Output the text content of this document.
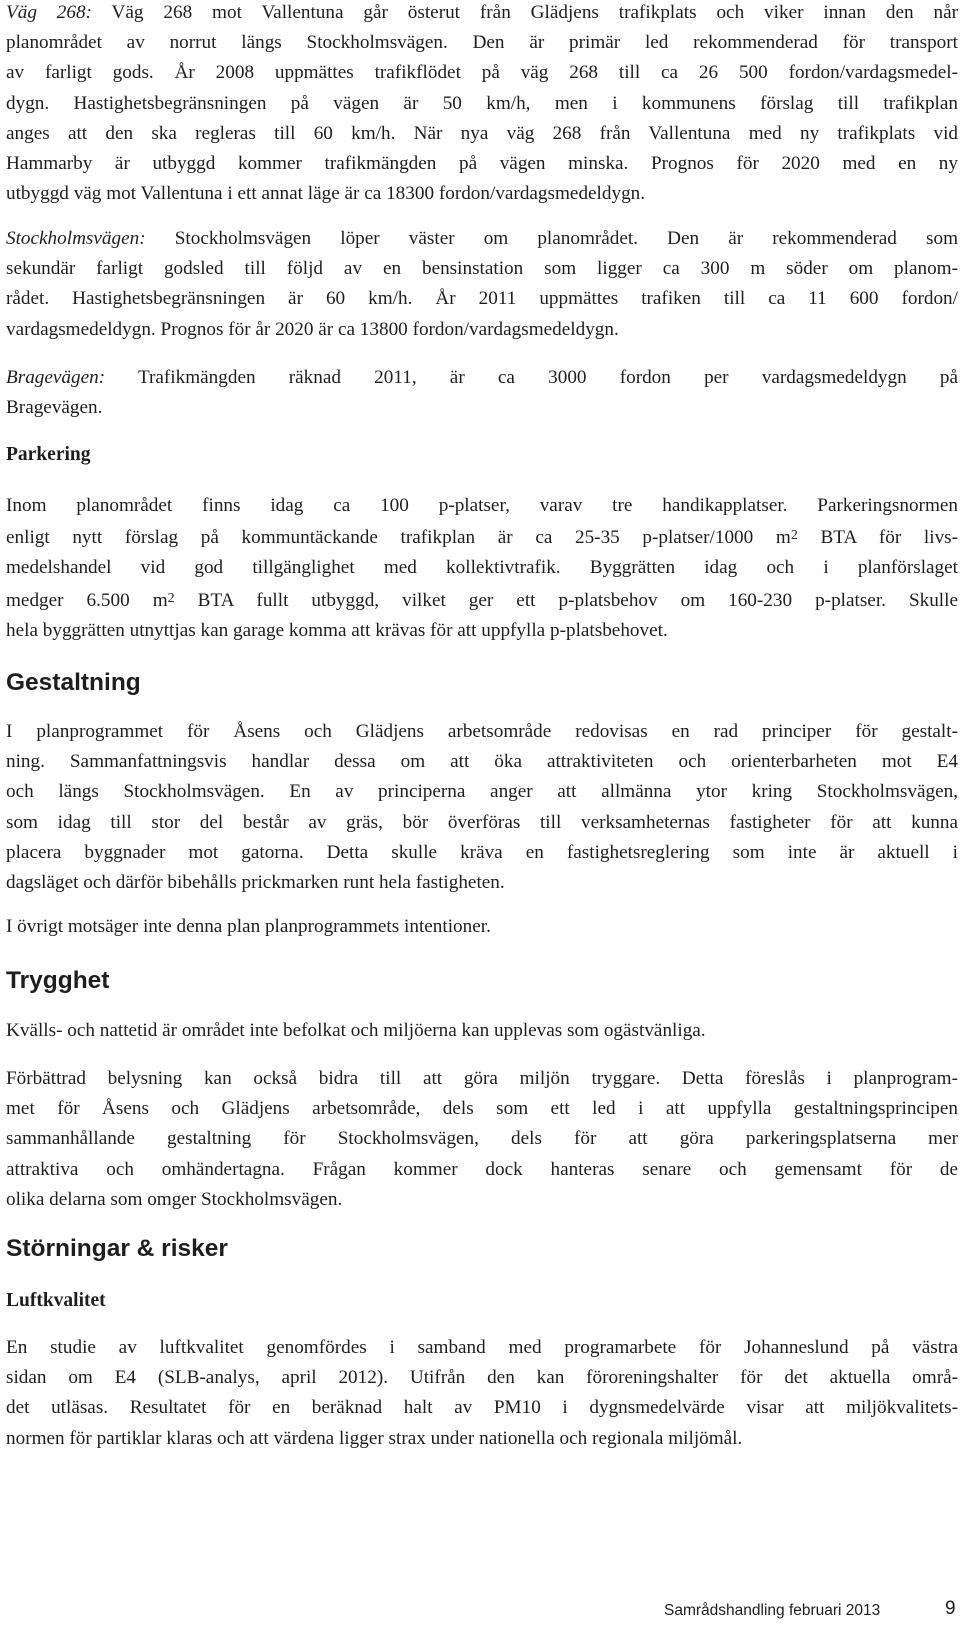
Väg 268: Väg 268 mot Vallentuna går österut från Glädjens trafikplats och viker innan den når
planområdet av norrut längs Stockholmsvägen. Den är primär led rekommenderad för transport
av farligt gods. År 2008 uppmättes trafikflödet på väg 268 till ca 26 500 fordon/vardagsmedel-
dygn. Hastighetsbegränsningen på vägen är 50 km/h, men i kommunens förslag till trafikplan
anges att den ska regleras till 60 km/h. När nya väg 268 från Vallentuna med ny trafikplats vid
Hammarby är utbyggd kommer trafikmängden på vägen minska. Prognos för 2020 med en ny
utbyggd väg mot Vallentuna i ett annat läge är ca 18300 fordon/vardagsmedeldygn.

Stockholmsvägen: Stockholmsvägen löper väster om planområdet. Den är rekommenderad som
sekundär farligt godsled till följd av en bensinstation som ligger ca 300 m söder om planom-
rådet. Hastighetsbegränsningen är 60 km/h. År 2011 uppmättes trafiken till ca 11 600 fordon/
vardagsmedeldygn. Prognos för år 2020 är ca 13800 fordon/vardagsmedeldygn.

Bragevägen: Trafikmängden räknad 2011, är ca 3000 fordon per vardagsmedeldygn på
Bragevägen.

Parkering

Inom planområdet finns idag ca 100 p-platser, varav tre handikapplatser. Parkeringsnormen
enligt nytt förslag på kommuntäckande trafikplan är ca 25-35 p-platser/1000 $m^2$ BTA för livs-
medelshandel vid god tillgänglighet med kollektivtrafik. Byggrätten idag och i planförslaget
medger 6.500 $m^2$ BTA fullt utbyggd, vilket ger ett p-platsbehov om 160-230 p-platser. Skulle
hela byggrätten utnyttjas kan garage komma att krävas för att uppfylla p-platsbehovet.

Gestaltning

I planprogrammet för Åsens och Glädjens arbetsområde redovisas en rad principer för gestalt-
ning. Sammanfattningsvis handlar dessa om att öka attraktiviteten och orienterbarheten mot E4
och längs Stockholmsvägen. En av principerna anger att allmänna ytor kring Stockholmsvägen,
som idag till stor del består av gräs, bör överföras till verksamheternas fastigheter för att kunna
placera byggnader mot gatorna. Detta skulle kräva en fastighetsreglering som inte är aktuell i
dagsläget och därför bibehålls prickmarken runt hela fastigheten.

I övrigt motsäger inte denna plan planprogrammets intentioner.

Trygghet

Kvälls- och nattetid är området inte befolkat och miljöerna kan upplevas som ogästvänliga.

Förbättrad belysning kan också bidra till att göra miljön tryggare. Detta föreslås i planprogram-
met för Åsens och Glädjens arbetsområde, dels som ett led i att uppfylla gestaltningsprincipen
sammanhållande gestaltning för Stockholmsvägen, dels för att göra parkeringsplatserna mer
attraktiva och omhändertagna. Frågan kommer dock hanteras senare och gemensamt för de
olika delarna som omger Stockholmsvägen.

Störningar & risker
Luftkvalitet

En studie av luftkvalitet genomfördes i samband med programarbete för Johanneslund på västra
sidan om E4 (SLB-analys, april 2012). Utifrån den kan föroreningshalter för det aktuella områ-
det utläsas. Resultatet för en beräknad halt av PM10 i dygnsmedelvärde visar att miljökvalitets-
normen för partiklar klaras och att värdena ligger strax under nationella och regionala miljömål.

Samrådshandling februari 2013	9
